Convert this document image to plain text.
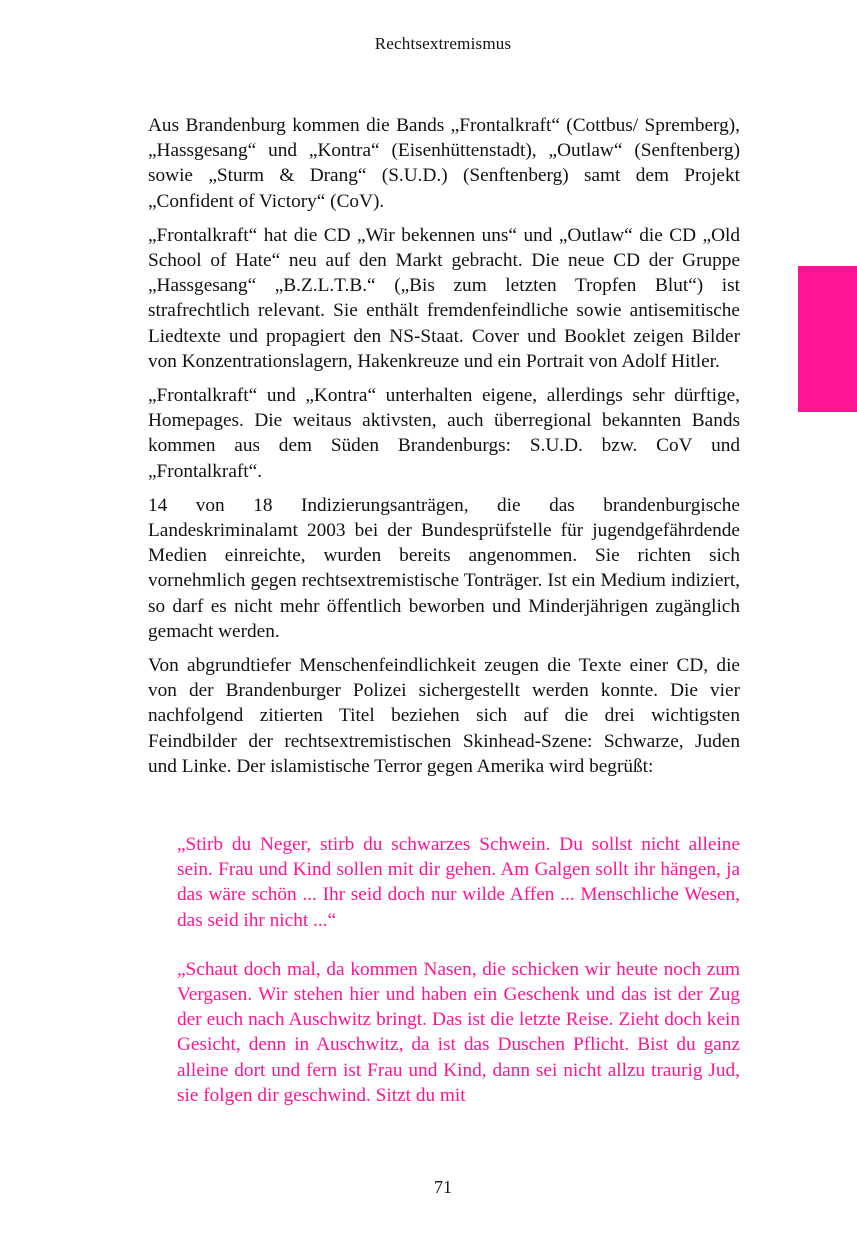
Rechtsextremismus

Aus Brandenburg kommen die Bands „Frontalkraft“ (Cottbus/ Spremberg), „Hassgesang“ und „Kontra“ (Eisenhüttenstadt), „Outlaw“ (Senftenberg) sowie „Sturm & Drang“ (S.U.D.) (Senftenberg) samt dem Projekt „Confident of Victory“ (CoV).

„Frontalkraft“ hat die CD „Wir bekennen uns“ und „Outlaw“ die CD „Old School of Hate“ neu auf den Markt gebracht. Die neue CD der Gruppe „Hassgesang“ „B.Z.L.T.B.“ („Bis zum letzten Tropfen Blut“) ist strafrechtlich relevant. Sie enthält fremdenfeindliche sowie antisemitische Liedtexte und propagiert den NS-Staat. Cover und Booklet zeigen Bilder von Konzentrationslagern, Hakenkreuze und ein Portrait von Adolf Hitler.

„Frontalkraft“ und „Kontra“ unterhalten eigene, allerdings sehr dürftige, Homepages. Die weitaus aktivsten, auch überregional bekannten Bands kommen aus dem Süden Brandenburgs: S.U.D. bzw. CoV und „Frontalkraft“.

14 von 18 Indizierungsanträgen, die das brandenburgische Landeskriminalamt 2003 bei der Bundesprüfstelle für jugendgefährdende Medien einreichte, wurden bereits angenommen. Sie richten sich vornehmlich gegen rechtsextremistische Tonträger. Ist ein Medium indiziert, so darf es nicht mehr öffentlich beworben und Minderjährigen zugänglich gemacht werden.

Von abgrundtiefer Menschenfeindlichkeit zeugen die Texte einer CD, die von der Brandenburger Polizei sichergestellt werden konnte. Die vier nachfolgend zitierten Titel beziehen sich auf die drei wichtigsten Feindbilder der rechtsextremistischen Skinhead-Szene: Schwarze, Juden und Linke. Der islamistische Terror gegen Amerika wird begrüßt:

„Stirb du Neger, stirb du schwarzes Schwein. Du sollst nicht alleine sein. Frau und Kind sollen mit dir gehen. Am Galgen sollt ihr hängen, ja das wäre schön ... Ihr seid doch nur wilde Affen ... Menschliche Wesen, das seid ihr nicht ...“

„Schaut doch mal, da kommen Nasen, die schicken wir heute noch zum Vergasen. Wir stehen hier und haben ein Geschenk und das ist der Zug der euch nach Auschwitz bringt. Das ist die letzte Reise. Zieht doch kein Gesicht, denn in Auschwitz, da ist das Duschen Pflicht. Bist du ganz alleine dort und fern ist Frau und Kind, dann sei nicht allzu traurig Jud, sie folgen dir geschwind. Sitzt du mit

71
